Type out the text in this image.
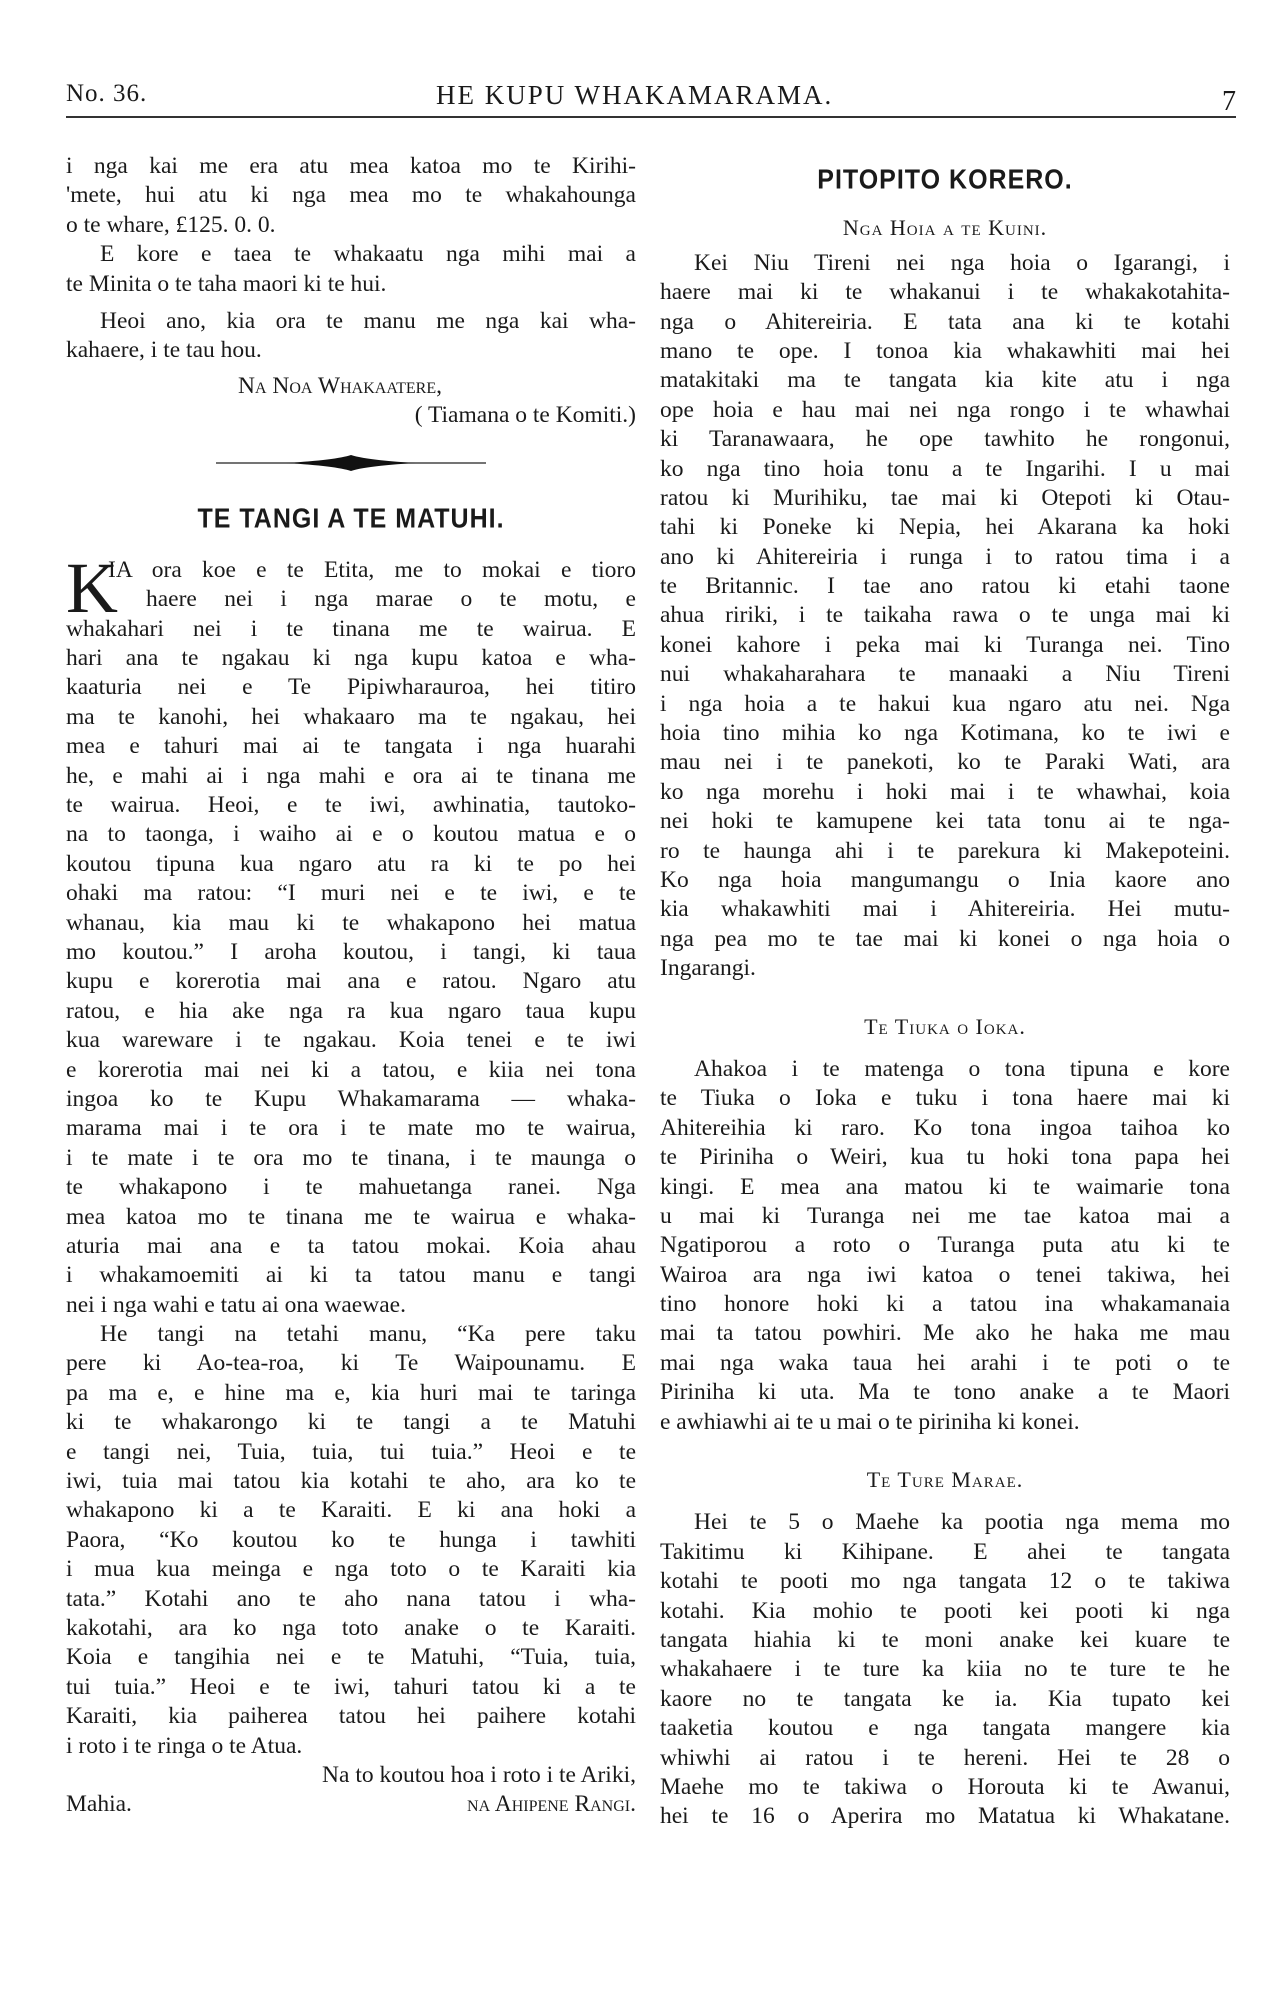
No. 36.	HE KUPU WHAKAMARAMA.	7
i nga kai me era atu mea katoa mo te Kirihi-
'mete, hui atu ki nga mea mo te whakahounga
o te whare, £125. 0. 0.
E kore e taea te whakaatu nga mihi mai a
te Minita o te taha maori ki te hui.
Heoi ano, kia ora te manu me nga kai wha-
kahaere, i te tau hou.
Na Noa Whakaatere,
( Tiamana o te Komiti.)
TE TANGI A TE MATUHI.
K
IA ora koe e te Etita, me to mokai e tioro
haere nei i nga marae o te motu, e
whakahari nei i te tinana me te wairua. E
hari ana te ngakau ki nga kupu katoa e wha-
kaaturia nei e Te Pipiwharauroa, hei titiro
ma te kanohi, hei whakaaro ma te ngakau, hei
mea e tahuri mai ai te tangata i nga huarahi
he, e mahi ai i nga mahi e ora ai te tinana me
te wairua. Heoi, e te iwi, awhinatia, tautoko-
na to taonga, i waiho ai e o koutou matua e o
koutou tipuna kua ngaro atu ra ki te po hei
ohaki ma ratou: “I muri nei e te iwi, e te
whanau, kia mau ki te whakapono hei matua
mo koutou.” I aroha koutou, i tangi, ki taua
kupu e korerotia mai ana e ratou. Ngaro atu
ratou, e hia ake nga ra kua ngaro taua kupu
kua wareware i te ngakau. Koia tenei e te iwi
e korerotia mai nei ki a tatou, e kiia nei tona
ingoa ko te Kupu Whakamarama — whaka-
marama mai i te ora i te mate mo te wairua,
i te mate i te ora mo te tinana, i te maunga o
te whakapono i te mahuetanga ranei. Nga
mea katoa mo te tinana me te wairua e whaka-
aturia mai ana e ta tatou mokai. Koia ahau
i whakamoemiti ai ki ta tatou manu e tangi
nei i nga wahi e tatu ai ona waewae.
He tangi na tetahi manu, “Ka pere taku
pere ki Ao-tea-roa, ki Te Waipounamu. E
pa ma e, e hine ma e, kia huri mai te taringa
ki te whakarongo ki te tangi a te Matuhi
e tangi nei, Tuia, tuia, tui tuia.” Heoi e te
iwi, tuia mai tatou kia kotahi te aho, ara ko te
whakapono ki a te Karaiti. E ki ana hoki a
Paora, “Ko koutou ko te hunga i tawhiti
i mua kua meinga e nga toto o te Karaiti kia
tata.” Kotahi ano te aho nana tatou i wha-
kakotahi, ara ko nga toto anake o te Karaiti.
Koia e tangihia nei e te Matuhi, “Tuia, tuia,
tui tuia.” Heoi e te iwi, tahuri tatou ki a te
Karaiti, kia paiherea tatou hei paihere kotahi
i roto i te ringa o te Atua.
Na to koutou hoa i roto i te Ariki,
Mahia.	na Ahipene Rangi.
PITOPITO KORERO.
Nga Hoia a te Kuini.
Kei Niu Tireni nei nga hoia o Igarangi, i
haere mai ki te whakanui i te whakakotahita-
nga o Ahitereiria. E tata ana ki te kotahi
mano te ope. I tonoa kia whakawhiti mai hei
matakitaki ma te tangata kia kite atu i nga
ope hoia e hau mai nei nga rongo i te whawhai
ki Taranawaara, he ope tawhito he rongonui,
ko nga tino hoia tonu a te Ingarihi. I u mai
ratou ki Murihiku, tae mai ki Otepoti ki Otau-
tahi ki Poneke ki Nepia, hei Akarana ka hoki
ano ki Ahitereiria i runga i to ratou tima i a
te Britannic. I tae ano ratou ki etahi taone
ahua ririki, i te taikaha rawa o te unga mai ki
konei kahore i peka mai ki Turanga nei. Tino
nui whakaharahara te manaaki a Niu Tireni
i nga hoia a te hakui kua ngaro atu nei. Nga
hoia tino mihia ko nga Kotimana, ko te iwi e
mau nei i te panekoti, ko te Paraki Wati, ara
ko nga morehu i hoki mai i te whawhai, koia
nei hoki te kamupene kei tata tonu ai te nga-
ro te haunga ahi i te parekura ki Makepoteini.
Ko nga hoia mangumangu o Inia kaore ano
kia whakawhiti mai i Ahitereiria. Hei mutu-
nga pea mo te tae mai ki konei o nga hoia o
Ingarangi.
Te Tiuka o Ioka.
Ahakoa i te matenga o tona tipuna e kore
te Tiuka o Ioka e tuku i tona haere mai ki
Ahitereihia ki raro. Ko tona ingoa taihoa ko
te Piriniha o Weiri, kua tu hoki tona papa hei
kingi. E mea ana matou ki te waimarie tona
u mai ki Turanga nei me tae katoa mai a
Ngatiporou a roto o Turanga puta atu ki te
Wairoa ara nga iwi katoa o tenei takiwa, hei
tino honore hoki ki a tatou ina whakamanaia
mai ta tatou powhiri. Me ako he haka me mau
mai nga waka taua hei arahi i te poti o te
Piriniha ki uta. Ma te tono anake a te Maori
e awhiawhi ai te u mai o te piriniha ki konei.
Te Ture Marae.
Hei te 5 o Maehe ka pootia nga mema mo
Takitimu ki Kihipane. E ahei te tangata
kotahi te pooti mo nga tangata 12 o te takiwa
kotahi. Kia mohio te pooti kei pooti ki nga
tangata hiahia ki te moni anake kei kuare te
whakahaere i te ture ka kiia no te ture te he
kaore no te tangata ke ia. Kia tupato kei
taaketia koutou e nga tangata mangere kia
whiwhi ai ratou i te hereni. Hei te 28 o
Maehe mo te takiwa o Horouta ki te Awanui,
hei te 16 o Aperira mo Matatua ki Whakatane.
